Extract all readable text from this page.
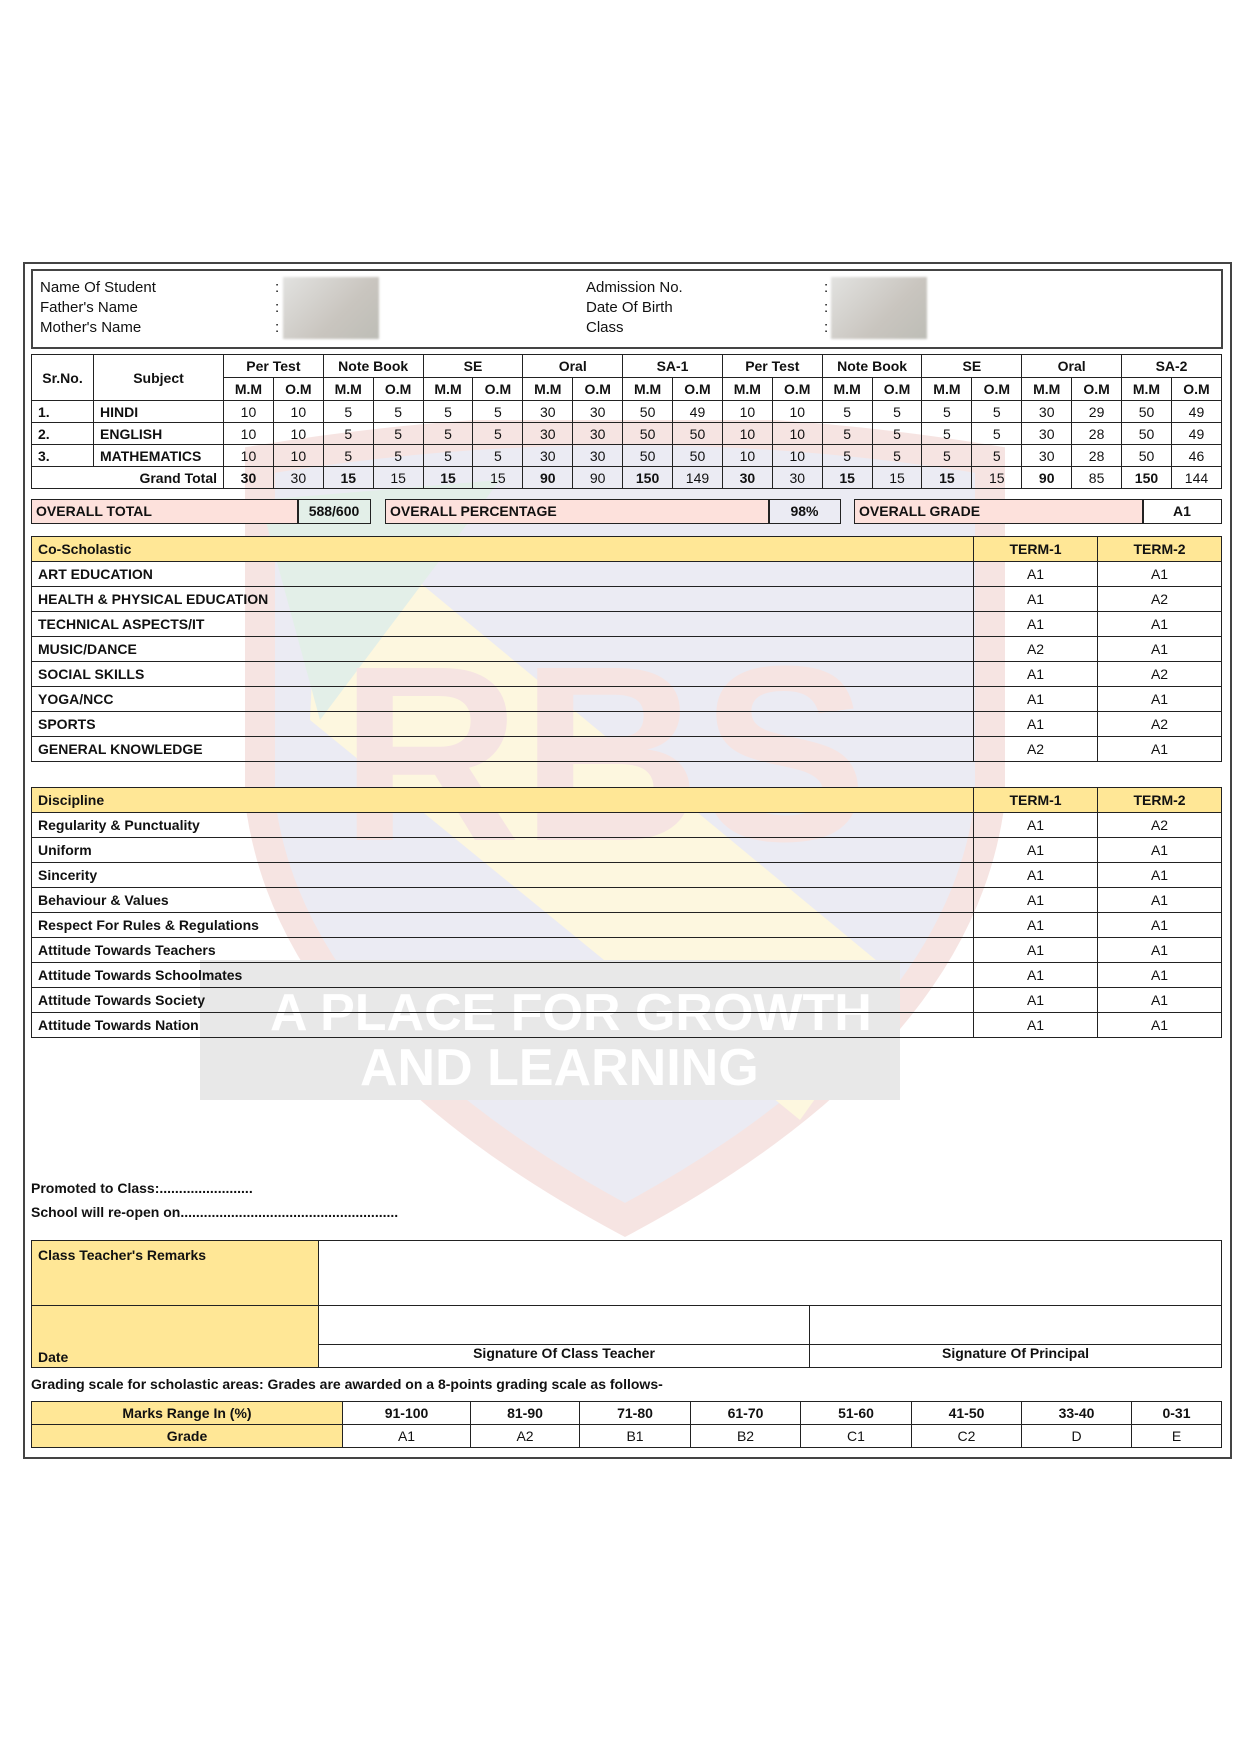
RBS
A PLACE FOR GROWTH
AND LEARNING
Name Of Student
Father's Name
Mother's Name
:
:
:
Admission No.
Date Of Birth
Class
:
:
:
Sr.No.	Subject	Per Test		Note Book		SE		Oral		SA-1		Per Test		Note Book		SE		Oral		SA-2	
		M.M	O.M	M.M	O.M	M.M	O.M	M.M	O.M	M.M	O.M	M.M	O.M	M.M	O.M	M.M	O.M	M.M	O.M	M.M	O.M
1.	HINDI	10	10	5	5	5	5	30	30	50	49	10	10	5	5	5	5	30	29	50	49
2.	ENGLISH	10	10	5	5	5	5	30	30	50	50	10	10	5	5	5	5	30	28	50	49
3.	MATHEMATICS	10	10	5	5	5	5	30	30	50	50	10	10	5	5	5	5	30	28	50	46
Grand Total		30	30	15	15	15	15	90	90	150	149	30	30	15	15	15	15	90	85	150	144
OVERALL TOTAL	588/600	OVERALL PERCENTAGE	98%	OVERALL GRADE	A1
Co-Scholastic	TERM-1	TERM-2
ART EDUCATION	A1	A1
HEALTH & PHYSICAL EDUCATION	A1	A2
TECHNICAL ASPECTS/IT	A1	A1
MUSIC/DANCE	A2	A1
SOCIAL SKILLS	A1	A2
YOGA/NCC	A1	A1
SPORTS	A1	A2
GENERAL KNOWLEDGE	A2	A1
Discipline	TERM-1	TERM-2
Regularity & Punctuality	A1	A2
Uniform	A1	A1
Sincerity	A1	A1
Behaviour & Values	A1	A1
Respect For Rules & Regulations	A1	A1
Attitude Towards Teachers	A1	A1
Attitude Towards Schoolmates	A1	A1
Attitude Towards Society	A1	A1
Attitude Towards Nation	A1	A1
Promoted to Class:........................
School will re-open on........................................................
Class Teacher's Remarks		
Date		
	Signature Of Class Teacher	Signature Of Principal
Grading scale for scholastic areas: Grades are awarded on a 8-points grading scale as follows-
Marks Range In (%)	91-100	81-90	71-80	61-70	51-60	41-50	33-40	0-31
Grade	A1	A2	B1	B2	C1	C2	D	E
